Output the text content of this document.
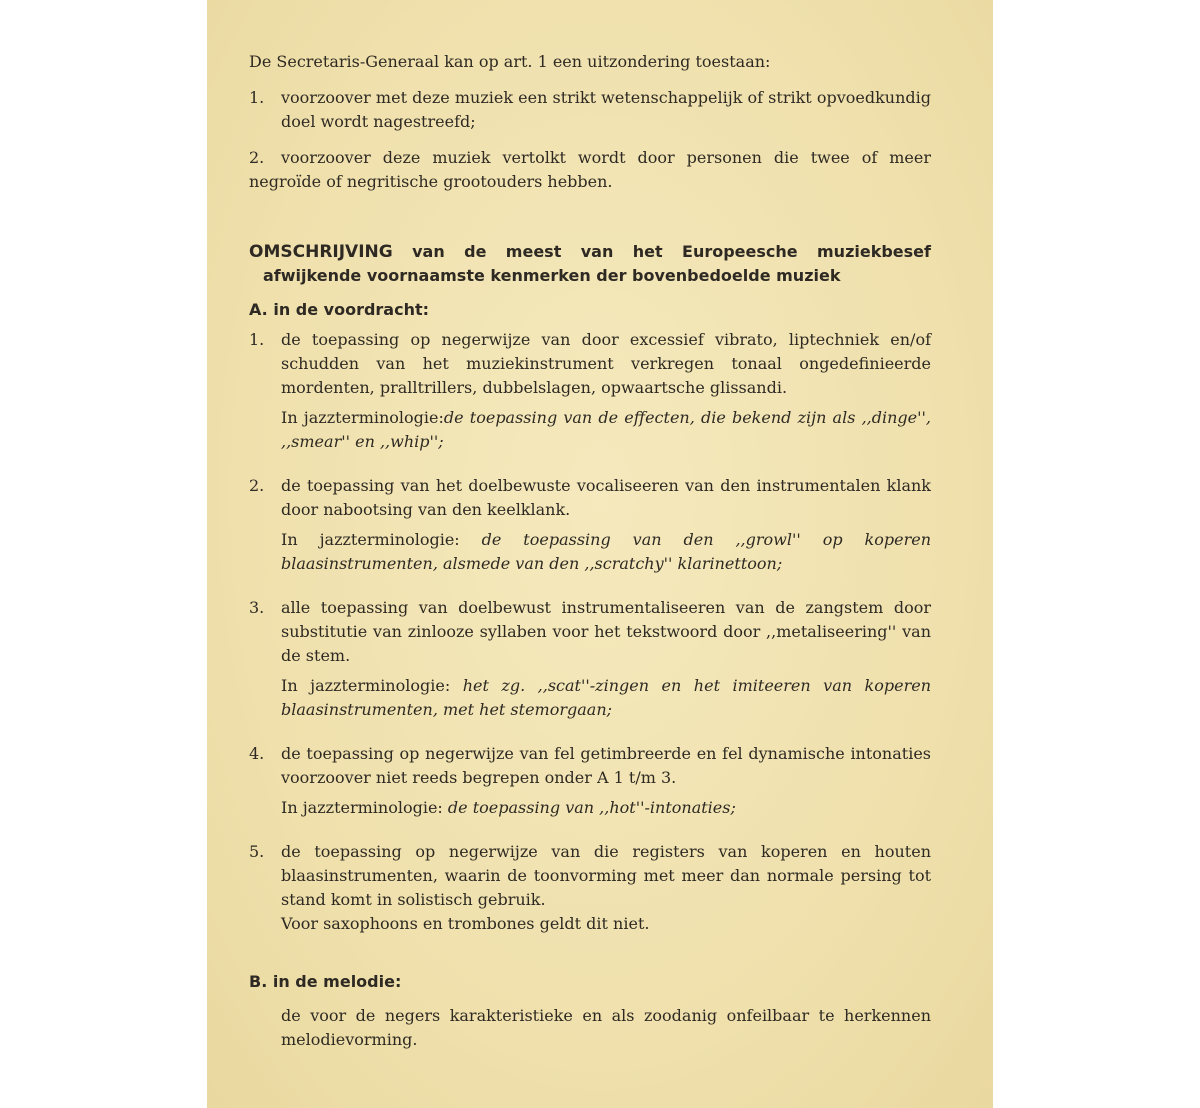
De Secretaris-Generaal kan op art. 1 een uitzondering toestaan:

1. voorzoover met deze muziek een strikt wetenschappelijk of strikt opvoedkundig doel wordt nagestreefd;

2. voorzoover deze muziek vertolkt wordt door personen die twee of meer negroïde of negritische grootouders hebben.

OMSCHRIJVING van de meest van het Europeesche muziekbesef afwijkende voornaamste kenmerken der bovenbedoelde muziek

A. in de voordracht:

1. de toepassing op negerwijze van door excessief vibrato, liptechniek en/of schudden van het muziekinstrument verkregen tonaal ongedefinieerde mordenten, pralltrillers, dubbelslagen, opwaartsche glissandi.

In jazzterminologie:de toepassing van de effecten, die bekend zijn als ,,dinge'', ,,smear'' en ,,whip'';

2. de toepassing van het doelbewuste vocaliseeren van den instrumentalen klank door nabootsing van den keelklank.

In jazzterminologie: de toepassing van den ,,growl'' op koperen blaasinstrumenten, alsmede van den ,,scratchy'' klarinettoon;

3. alle toepassing van doelbewust instrumentaliseeren van de zangstem door substitutie van zinlooze syllaben voor het tekstwoord door ,,metaliseering'' van de stem.

In jazzterminologie: het zg. ,,scat''-zingen en het imiteeren van koperen blaasinstrumenten, met het stemorgaan;

4. de toepassing op negerwijze van fel getimbreerde en fel dynamische intonaties voorzoover niet reeds begrepen onder A 1 t/m 3.

In jazzterminologie: de toepassing van ,,hot''-intonaties;

5. de toepassing op negerwijze van die registers van koperen en houten blaasinstrumenten, waarin de toonvorming met meer dan normale persing tot stand komt in solistisch gebruik.

Voor saxophoons en trombones geldt dit niet.

B. in de melodie:

de voor de negers karakteristieke en als zoodanig onfeilbaar te herkennen melodievorming.
